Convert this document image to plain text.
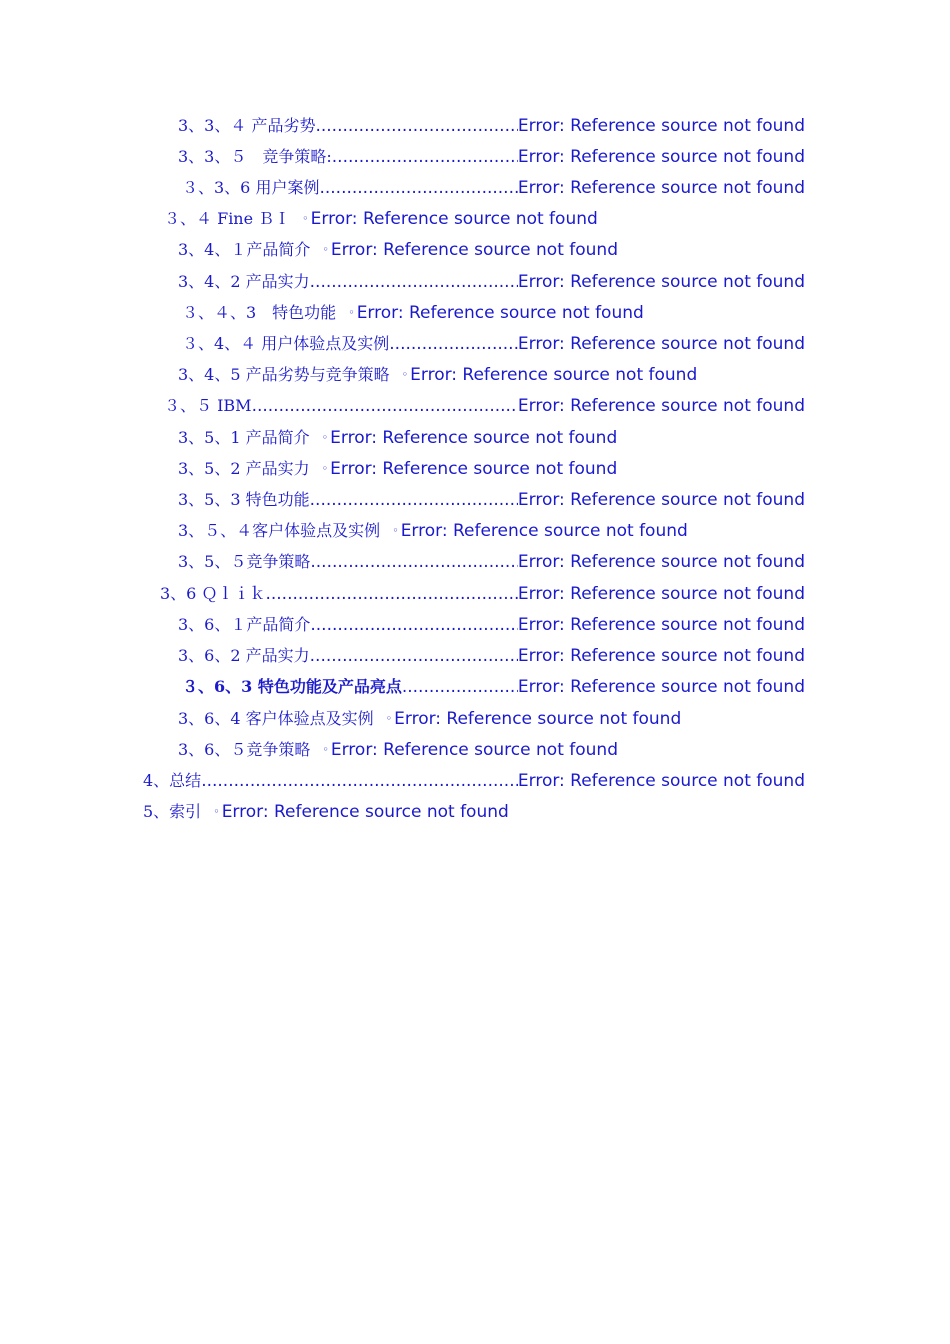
3、3、４ 产品劣势 .....	Error: Reference source not found
3、3、５　竞争策略: .....	Error: Reference source not found
３、3、6 用户案例 .....	Error: Reference source not found
３、４ Fine ＢＩ ◦ Error: Reference source not found
3、4、１产品简介 ◦ Error: Reference source not found
3、4、2 产品实力 .....	Error: Reference source not found
３、４、3　特色功能 ◦ Error: Reference source not found
３、4、４ 用户体验点及实例 .....	Error: Reference source not found
3、4、5 产品劣势与竞争策略 ◦ Error: Reference source not found
３、５ IBM .....	Error: Reference source not found
3、5、1 产品简介 ◦ Error: Reference source not found
3、5、2 产品实力 ◦ Error: Reference source not found
3、5、3 特色功能 .....	Error: Reference source not found
3、５、４客户体验点及实例 ◦ Error: Reference source not found
3、5、５竞争策略 .....	Error: Reference source not found
3、6 Ｑｌｉｋ .....	Error: Reference source not found
3、6、１产品简介 .....	Error: Reference source not found
3、6、2 产品实力 .....	Error: Reference source not found
３、6、3 特色功能及产品亮点 .....	Error: Reference source not found
3、6、4 客户体验点及实例 ◦ Error: Reference source not found
3、6、５竞争策略 ◦ Error: Reference source not found
4、总结 .....	Error: Reference source not found
5、索引 ◦ Error: Reference source not found
